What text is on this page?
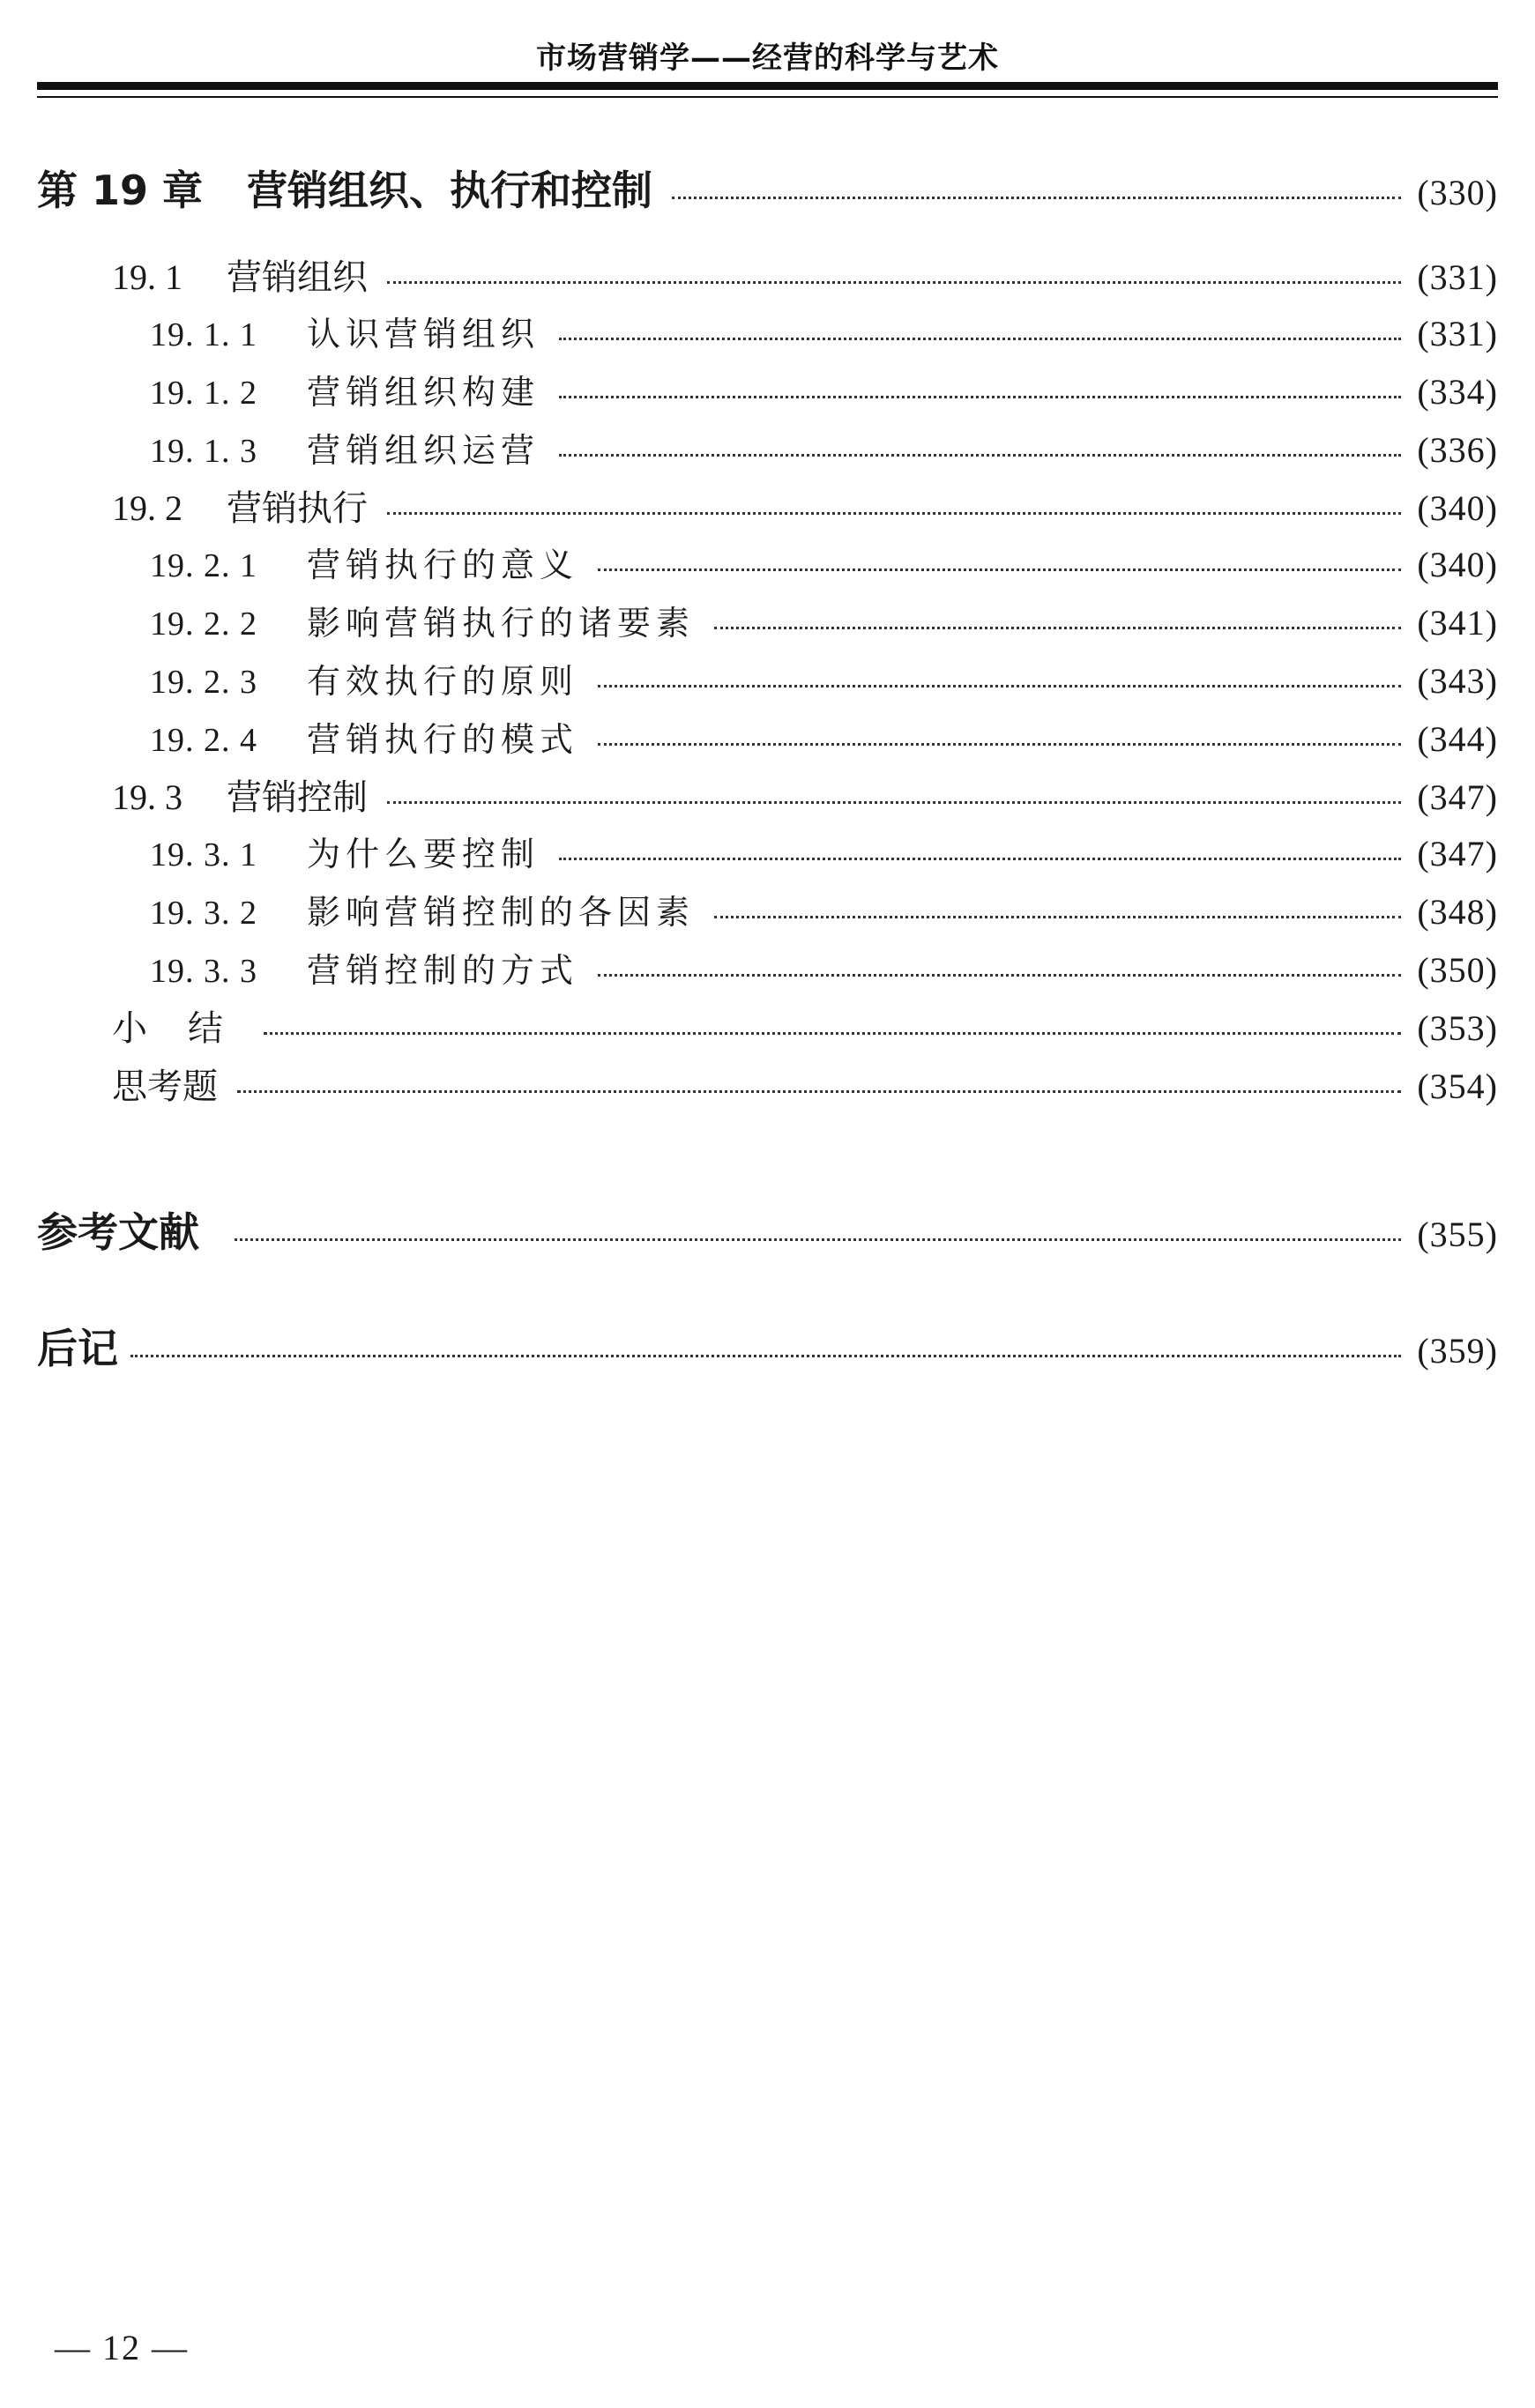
市场营销学——经营的科学与艺术
第 19 章 营销组织、执行和控制	(330)
19. 1	营销组织	(331)
19. 1. 1	认识营销组织	(331)
19. 1. 2	营销组织构建	(334)
19. 1. 3	营销组织运营	(336)
19. 2	营销执行	(340)
19. 2. 1	营销执行的意义	(340)
19. 2. 2	影响营销执行的诸要素	(341)
19. 2. 3	有效执行的原则	(343)
19. 2. 4	营销执行的模式	(344)
19. 3	营销控制	(347)
19. 3. 1	为什么要控制	(347)
19. 3. 2	影响营销控制的各因素	(348)
19. 3. 3	营销控制的方式	(350)
小结	(353)
思考题	(354)
参考文献	(355)
后记	(359)
— 12 —
